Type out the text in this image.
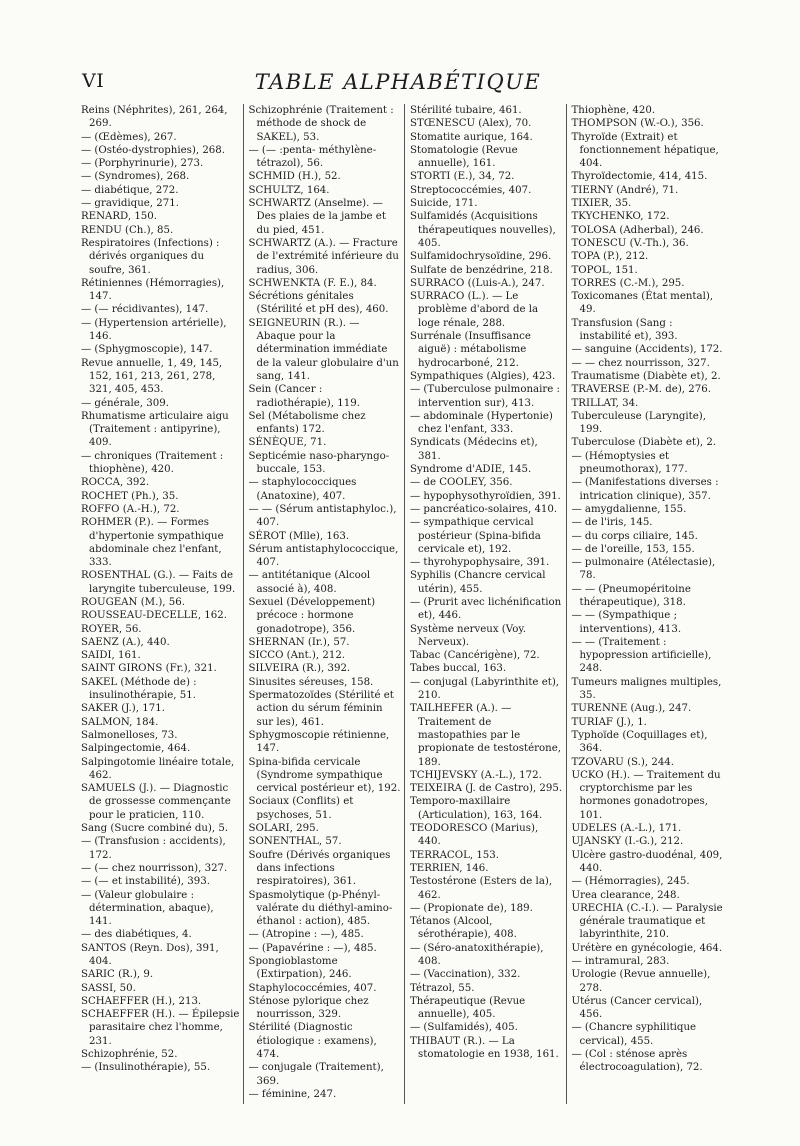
VI	TABLE ALPHABÉTIQUE

Reins (Néphrites), 261, 264, 269.

— (Œdèmes), 267.

— (Ostéo-dystrophies), 268.

— (Porphyrinurie), 273.

— (Syndromes), 268.

— diabétique, 272.

— gravidique, 271.

RENARD, 150.

RENDU (Ch.), 85.

Respiratoires (Infections) : dérivés organiques du soufre, 361.

Rétiniennes (Hémorragies), 147.

— (— récidivantes), 147.

— (Hypertension artérielle), 146.

— (Sphygmoscopie), 147.

Revue annuelle, 1, 49, 145, 152, 161, 213, 261, 278, 321, 405, 453.

— générale, 309.

Rhumatisme articulaire aigu (Traitement : antipyrine), 409.

— chroniques (Traitement : thiophène), 420.

ROCCA, 392.

ROCHET (Ph.), 35.

ROFFO (A.-H.), 72.

ROHMER (P.). — Formes d'hypertonie sympathique abdominale chez l'enfant, 333.

ROSENTHAL (G.). — Faits de laryngite tuberculeuse, 199.

ROUGEAN (M.), 56.

ROUSSEAU-DECELLE, 162.

ROYER, 56.

SAENZ (A.), 440.

SAIDI, 161.

SAINT GIRONS (Fr.), 321.

SAKEL (Méthode de) : insulinothérapie, 51.

SAKER (J.), 171.

SALMON, 184.

Salmonelloses, 73.

Salpingectomie, 464.

Salpingotomie linéaire totale, 462.

SAMUELS (J.). — Diagnostic de grossesse commençante pour le praticien, 110.

Sang (Sucre combiné du), 5.

— (Transfusion : accidents), 172.

— (— chez nourrisson), 327.

— (— et instabilité), 393.

— (Valeur globulaire : détermination, abaque), 141.

— des diabétiques, 4.

SANTOS (Reyn. Dos), 391, 404.

SARIC (R.), 9.

SASSI, 50.

SCHAEFFER (H.), 213.

SCHAEFFER (H.). — Épilepsie parasitaire chez l'homme, 231.

Schizophrénie, 52.

— (Insulinothérapie), 55.

Schizophrénie (Traitement : méthode de shock de SAKEL), 53.

— (— :penta- méthylène-tétrazol), 56.

SCHMID (H.), 52.

SCHULTZ, 164.

SCHWARTZ (Anselme). — Des plaies de la jambe et du pied, 451.

SCHWARTZ (A.). — Fracture de l'extrémité inférieure du radius, 306.

SCHWENKTA (F. E.), 84.

Sécrétions génitales (Stérilité et pH des), 460.

SEIGNEURIN (R.). — Abaque pour la détermination immédiate de la valeur globulaire d'un sang, 141.

Sein (Cancer : radiothérapie), 119.

Sel (Métabolisme chez enfants) 172.

SÉNÈQUE, 71.

Septicémie naso-pharyngo-buccale, 153.

— staphylococciques (Anatoxine), 407.

— — (Sérum antistaphyloc.), 407.

SÉROT (Mlle), 163.

Sérum antistaphylococcique, 407.

— antitétanique (Alcool associé à), 408.

Sexuel (Développement) précoce : hormone gonadotrope), 356.

SHERNAN (Ir.), 57.

SICCO (Ant.), 212.

SILVEIRA (R.), 392.

Sinusites séreuses, 158.

Spermatozoïdes (Stérilité et action du sérum féminin sur les), 461.

Sphygmoscopie rétinienne, 147.

Spina-bifida cervicale (Syndrome sympathique cervical postérieur et), 192.

Sociaux (Conflits) et psychoses, 51.

SOLARI, 295.

SONENTHAL, 57.

Soufre (Dérivés organiques dans infections respiratoires), 361.

Spasmolytique (p-Phényl-valérate du diéthyl-amino-éthanol : action), 485.

— (Atropine : —), 485.

— (Papavérine : —), 485.

Spongioblastome (Extirpation), 246.

Staphylococcémies, 407.

Sténose pylorique chez nourrisson, 329.

Stérilité (Diagnostic étiologique : examens), 474.

— conjugale (Traitement), 369.

— féminine, 247.

Stérilité tubaire, 461.

STŒNESCU (Alex), 70.

Stomatite aurique, 164.

Stomatologie (Revue annuelle), 161.

STORTI (E.), 34, 72.

Streptococcémies, 407.

Suicide, 171.

Sulfamidés (Acquisitions thérapeutiques nouvelles), 405.

Sulfamidochrysoïdine, 296.

Sulfate de benzédrine, 218.

SURRACO ((Luis-A.), 247.

SURRACO (L.). — Le problème d'abord de la loge rénale, 288.

Surrénale (Insuffisance aiguë) : métabolisme hydrocarboné, 212.

Sympathiques (Algies), 423.

— (Tuberculose pulmonaire : intervention sur), 413.

— abdominale (Hypertonie) chez l'enfant, 333.

Syndicats (Médecins et), 381.

Syndrome d'ADIE, 145.

— de COOLEY, 356.

— hypophysothyroïdien, 391.

— pancréatico-solaires, 410.

— sympathique cervical postérieur (Spina-bifida cervicale et), 192.

— thyrohypophysaire, 391.

Syphilis (Chancre cervical utérin), 455.

— (Prurit avec lichénification et), 446.

Système nerveux (Voy. Nerveux).

Tabac (Cancérigène), 72.

Tabes buccal, 163.

— conjugal (Labyrinthite et), 210.

TAILHEFER (A.). — Traitement de mastopathies par le propionate de testostérone, 189.

TCHIJEVSKY (A.-L.), 172.

TEIXEIRA (J. de Castro), 295.

Temporo-maxillaire (Articulation), 163, 164.

TEODORESCO (Marius), 440.

TERRACOL, 153.

TERRIEN, 146.

Testostérone (Esters de la), 462.

— (Propionate de), 189.

Tétanos (Alcool, sérothérapie), 408.

— (Séro-anatoxithérapie), 408.

— (Vaccination), 332.

Tétrazol, 55.

Thérapeutique (Revue annuelle), 405.

— (Sulfamidés), 405.

THIBAUT (R.). — La stomatologie en 1938, 161.

Thiophène, 420.

THOMPSON (W.-O.), 356.

Thyroïde (Extrait) et fonctionnement hépatique, 404.

Thyroïdectomie, 414, 415.

TIERNY (André), 71.

TIXIER, 35.

TKYCHENKO, 172.

TOLOSA (Adherbal), 246.

TONESCU (V.-Th.), 36.

TOPA (P.), 212.

TOPOL, 151.

TORRES (C.-M.), 295.

Toxicomanes (État mental), 49.

Transfusion (Sang : instabilité et), 393.

— sanguine (Accidents), 172.

— — chez nourrisson, 327.

Traumatisme (Diabète et), 2.

TRAVERSE (P.-M. de), 276.

TRILLAT, 34.

Tuberculeuse (Laryngite), 199.

Tuberculose (Diabète et), 2.

— (Hémoptysies et pneumothorax), 177.

— (Manifestations diverses : intrication clinique), 357.

— amygdalienne, 155.

— de l'iris, 145.

— du corps ciliaire, 145.

— de l'oreille, 153, 155.

— pulmonaire (Atélectasie), 78.

— — (Pneumopéritoine thérapeutique), 318.

— — (Sympathique ; interventions), 413.

— — (Traitement : hypopression artificielle), 248.

Tumeurs malignes multiples, 35.

TURENNE (Aug.), 247.

TURIAF (J.), 1.

Typhoïde (Coquillages et), 364.

TZOVARU (S.), 244.

UCKO (H.). — Traitement du cryptorchisme par les hormones gonadotropes, 101.

UDELES (A.-L.), 171.

UJANSKY (I.-G.), 212.

Ulcère gastro-duodénal, 409, 440.

— (Hémorragies), 245.

Urea clearance, 248.

URECHIA (C.-I.). — Paralysie générale traumatique et labyrinthite, 210.

Urétère en gynécologie, 464.

— intramural, 283.

Urologie (Revue annuelle), 278.

Utérus (Cancer cervical), 456.

— (Chancre syphilitique cervical), 455.

— (Col : sténose après électrocoagulation), 72.
